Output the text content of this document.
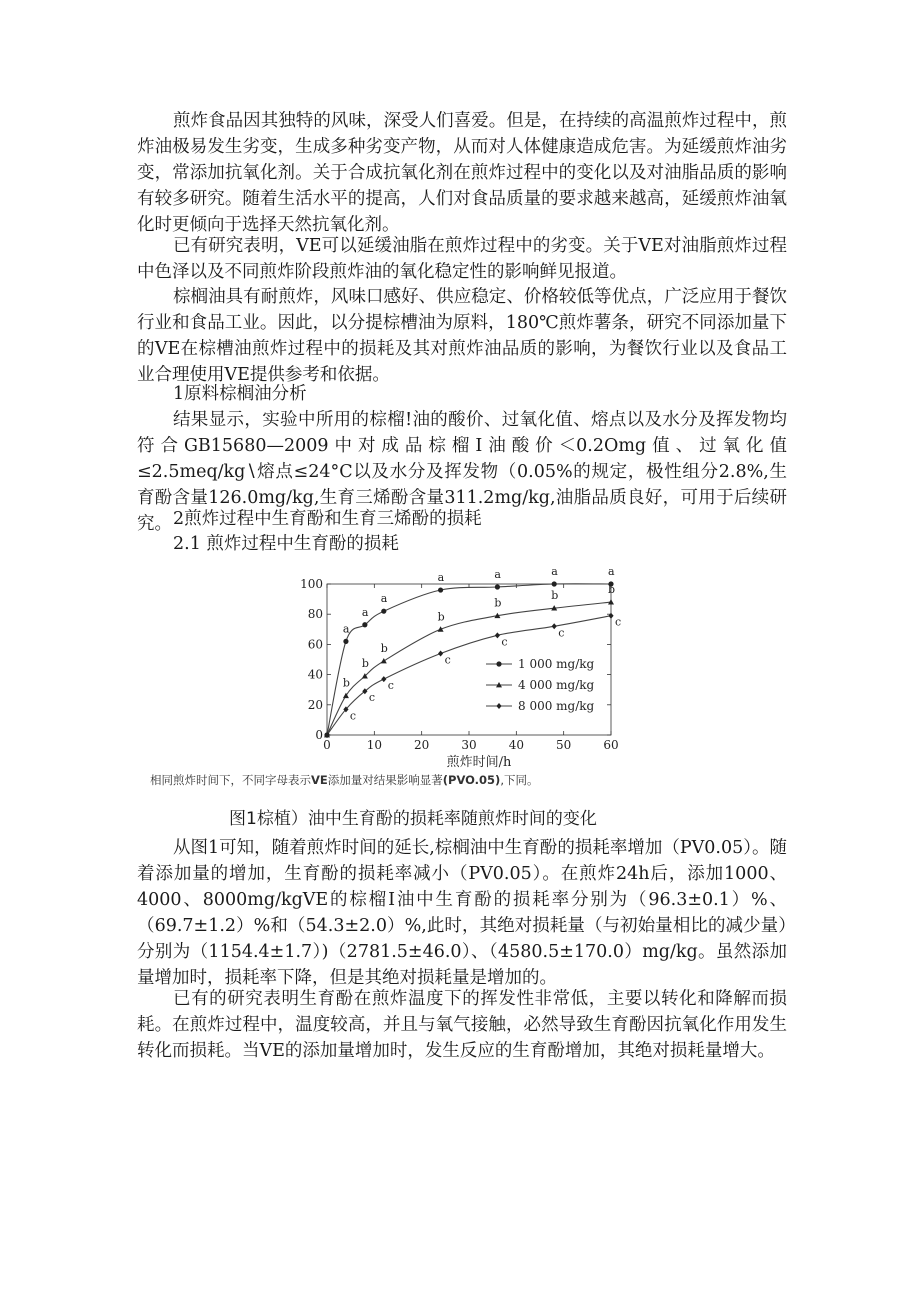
煎炸食品因其独特的风味，深受人们喜爱。但是，在持续的高温煎炸过程中，煎炸油极易发生劣变，生成多种劣变产物，从而对人体健康造成危害。为延缓煎炸油劣变，常添加抗氧化剂。关于合成抗氧化剂在煎炸过程中的变化以及对油脂品质的影响有较多研究。随着生活水平的提高，人们对食品质量的要求越来越高，延缓煎炸油氧化时更倾向于选择天然抗氧化剂。

已有研究表明，VE可以延缓油脂在煎炸过程中的劣变。关于VE对油脂煎炸过程中色泽以及不同煎炸阶段煎炸油的氧化稳定性的影响鲜见报道。

棕榈油具有耐煎炸，风味口感好、供应稳定、价格较低等优点，广泛应用于餐饮行业和食品工业。因此，以分提棕槽油为原料，180℃煎炸薯条，研究不同添加量下的VE在棕槽油煎炸过程中的损耗及其对煎炸油品质的影响，为餐饮行业以及食品工业合理使用VE提供参考和依据。

1原料棕榈油分析

结果显示，实验中所用的棕榴!油的酸价、过氧化值、熔点以及水分及挥发物均符合GB15680—2009中对成品棕榴I油酸价＜0.2Omg值、过氧化值≤2.5meq∕kg∖熔点≤24°C以及水分及挥发物（0.05%的规定，极性组分2.8%,生育酚含量126.0mg∕kg,生育三烯酚含量311.2mg∕kg,油脂品质良好，可用于后续研究。 2煎炸过程中生育酚和生育三烯酚的损耗

2.1 煎炸过程中生育酚的损耗

0
20
40
60
80
100
0	10	20	30	40	50	60
煎炸时间/h
a
a
a
a	a	a	a
b
b
b
b
b
b	b
c
c
c
c
c
c
c
1 000 mg/kg
4 000 mg/kg
8 000 mg/kg
相同煎炸时间下，不同字母表示VE添加量对结果影响显著(PVO.05),下同。
图1棕植）油中生育酚的损耗率随煎炸时间的变化

从图1可知，随着煎炸时间的延长,棕榈油中生育酚的损耗率增加（PV0.05）。随着添加量的增加，生育酚的损耗率减小（PV0.05）。在煎炸24h后，添加1000、4000、8000mg∕kgVE的棕榴I油中生育酚的损耗率分别为（96.3±0.1）%、（69.7±1.2）%和（54.3±2.0）%,此时，其绝对损耗量（与初始量相比的减少量）分别为（1154.4±1.7）)（2781.5±46.0）、（4580.5±170.0）mg∕kg。虽然添加量增加时，损耗率下降，但是其绝对损耗量是增加的。

已有的研究表明生育酚在煎炸温度下的挥发性非常低，主要以转化和降解而损耗。在煎炸过程中，温度较高，并且与氧气接触，必然导致生育酚因抗氧化作用发生转化而损耗。当VE的添加量增加时，发生反应的生育酚增加，其绝对损耗量增大。
